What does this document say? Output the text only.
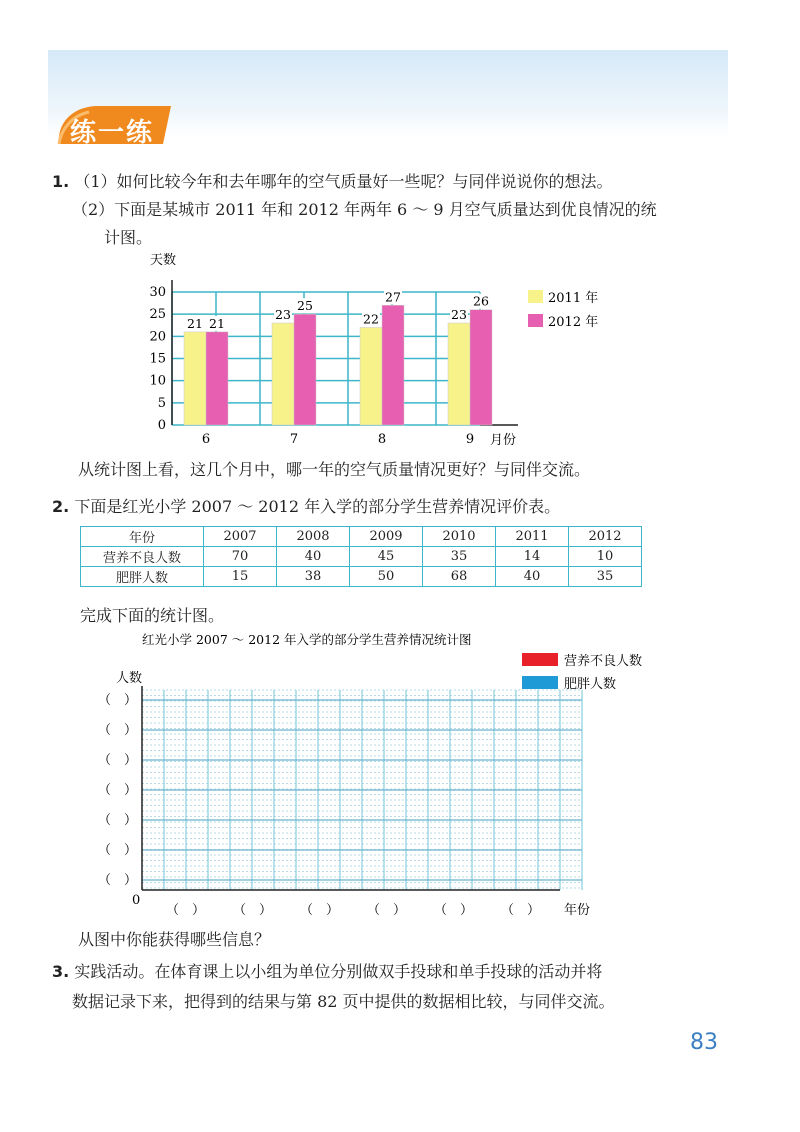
练一练
1. （1）如何比较今年和去年哪年的空气质量好一些呢？与同伴说说你的想法。
（2）下面是某城市 2011 年和 2012 年两年 6 ～ 9 月空气质量达到优良情况的统
计图。
天数
月份
0
5
10
15
20
25
30
21 21
6
23
25
7
22
27
8
23
26
9
2011 年
2012 年
从统计图上看，这几个月中，哪一年的空气质量情况更好？与同伴交流。
2. 下面是红光小学 2007 ～ 2012 年入学的部分学生营养情况评价表。
年份	2007	2008	2009	2010	2011	2012
营养不良人数	70	40	45	35	14	10
肥胖人数	15	38	50	68	40	35
完成下面的统计图。
红光小学 2007 ～ 2012 年入学的部分学生营养情况统计图
人数
年份
0
（　）
（　）
（　）
（　）
（　）
（　）
（　）
（　） （　） （　） （　） （　） （　）
营养不良人数
肥胖人数
从图中你能获得哪些信息？
3. 实践活动。在体育课上以小组为单位分别做双手投球和单手投球的活动并将
数据记录下来，把得到的结果与第 82 页中提供的数据相比较，与同伴交流。
83
